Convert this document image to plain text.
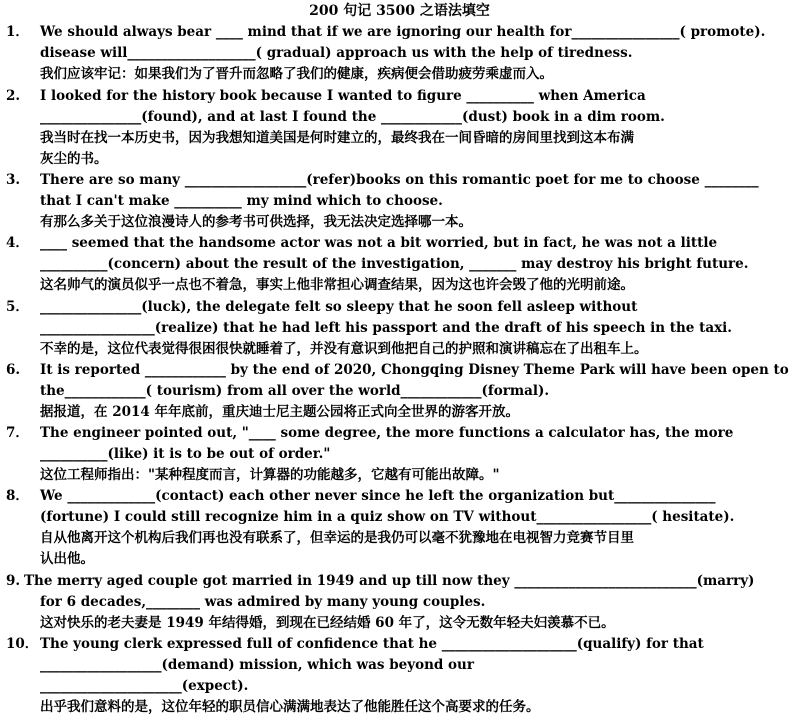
200 句记 3500 之语法填空
1． We should always bear ____ mind that if we are ignoring our health for________________( promote).
disease will___________________( gradual) approach us with the help of tiredness.
我们应该牢记：如果我们为了晋升而忽略了我们的健康，疾病便会借助疲劳乘虚而入。
2. I looked for the history book because I wanted to figure __________ when America
_______________(found), and at last I found the ____________(dust) book in a dim room.
我当时在找一本历史书，因为我想知道美国是何时建立的，最终我在一间昏暗的房间里找到这本布满
灰尘的书。
3. There are so many __________________(refer)books on this romantic poet for me to choose ________
that I can't make __________ my mind which to choose.
有那么多关于这位浪漫诗人的参考书可供选择，我无法决定选择哪一本。
4． ____ seemed that the handsome actor was not a bit worried, but in fact, he was not a little
__________(concern) about the result of the investigation, _______ may destroy his bright future.
这名帅气的演员似乎一点也不着急，事实上他非常担心调查结果，因为这也许会毁了他的光明前途。
5． _______________(luck), the delegate felt so sleepy that he soon fell asleep without
_________________(realize) that he had left his passport and the draft of his speech in the taxi.
不幸的是，这位代表觉得很困很快就睡着了，并没有意识到他把自己的护照和演讲稿忘在了出租车上。
6. It is reported ____________ by the end of 2020, Chongqing Disney Theme Park will have been open to
the____________( tourism) from all over the world____________(formal).
据报道，在 2014 年年底前，重庆迪士尼主题公园将正式向全世界的游客开放。
7． The engineer pointed out, "____ some degree, the more functions a calculator has, the more
__________(like) it is to be out of order."
这位工程师指出："某种程度而言，计算器的功能越多，它越有可能出故障。"
8． We _____________(contact) each other never since he left the organization but_______________
(fortune) I could still recognize him in a quiz show on TV without_________________( hesitate).
自从他离开这个机构后我们再也没有联系了，但幸运的是我仍可以毫不犹豫地在电视智力竞赛节目里
认出他。
9. The merry aged couple got married in 1949 and up till now they ___________________________(marry)
for 6 decades,________ was admired by many young couples.
这对快乐的老夫妻是 1949 年结得婚，到现在已经结婚 60 年了，这令无数年轻夫妇羡慕不已。
10． The young clerk expressed full of confidence that he ____________________(qualify) for that
__________________(demand) mission, which was beyond our
_____________________(expect).
出乎我们意料的是，这位年轻的职员信心满满地表达了他能胜任这个高要求的任务。
